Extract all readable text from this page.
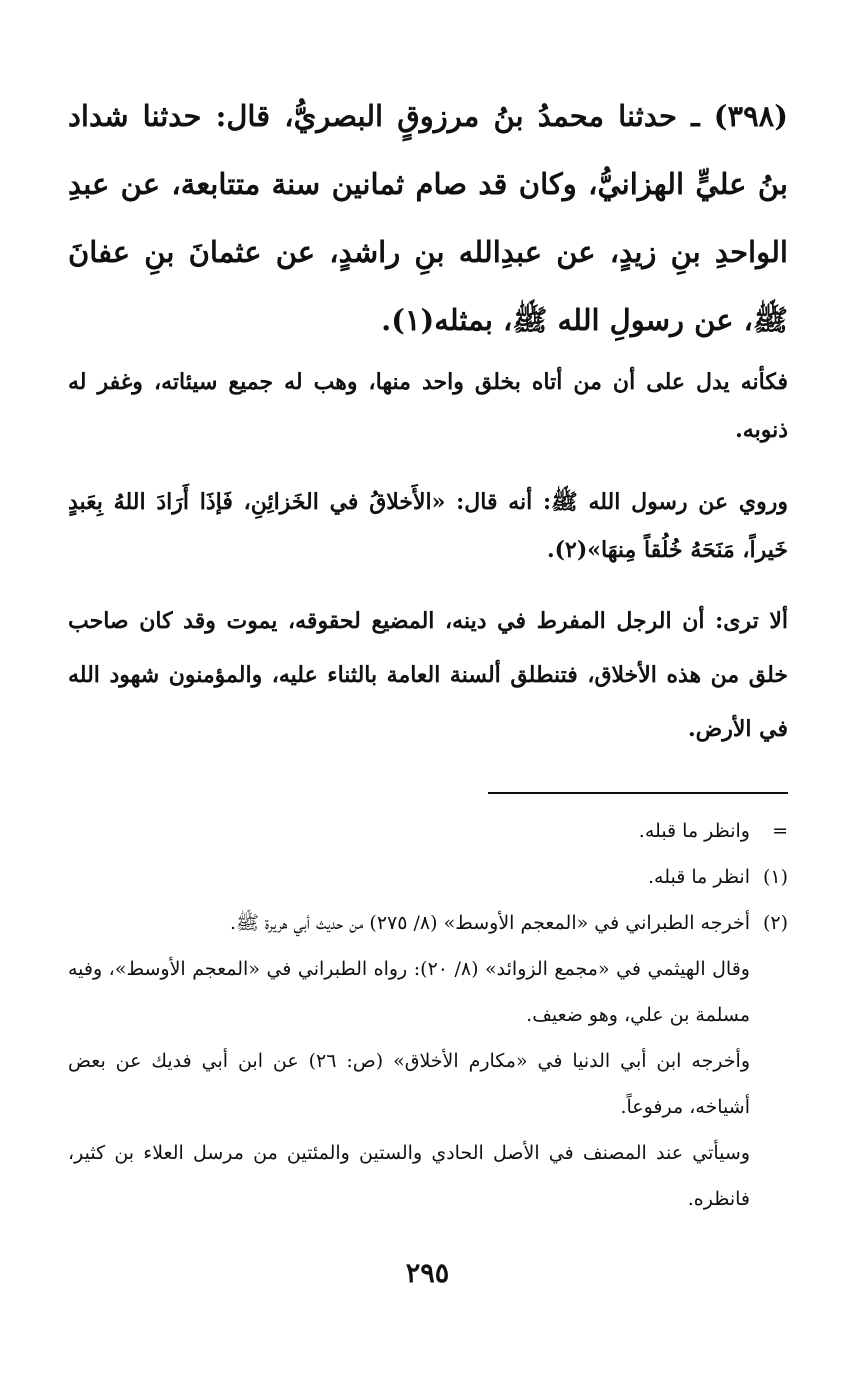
(٣٩٨) ـ حدثنا محمدُ بنُ مرزوقٍ البصريُّ، قال: حدثنا شداد بنُ عليٍّ الهزانيُّ، وكان قد صام ثمانين سنة متتابعة، عن عبدِ الواحدِ بنِ زيدٍ، عن عبدِالله بنِ راشدٍ، عن عثمانَ بنِ عفانَ ﷺ، عن رسولِ الله ﷺ، بمثله(١).
فكأنه يدل على أن من أتاه بخلق واحد منها، وهب له جميع سيئاته، وغفر له ذنوبه.
وروي عن رسول الله ﷺ: أنه قال: «الأَخلاقُ في الخَزائِنِ، فَإذَا أَرَادَ اللهُ بِعَبدٍ خَيراً، مَنَحَهُ خُلُقاً مِنهَا»(٢).
ألا ترى: أن الرجل المفرط في دينه، المضيع لحقوقه، يموت وقد كان صاحب خلق من هذه الأخلاق، فتنطلق ألسنة العامة بالثناء عليه، والمؤمنون شهود الله في الأرض.
=
وانظر ما قبله.
(١)
انظر ما قبله.
(٢)
أخرجه الطبراني في «المعجم الأوسط» (٨/ ٢٧٥) من حديث أبي هريرة ﷺ.
وقال الهيثمي في «مجمع الزوائد» (٨/ ٢٠): رواه الطبراني في «المعجم الأوسط»، وفيه مسلمة بن علي، وهو ضعيف.
وأخرجه ابن أبي الدنيا في «مكارم الأخلاق» (ص: ٢٦) عن ابن أبي فديك عن بعض أشياخه، مرفوعاً.
وسيأتي عند المصنف في الأصل الحادي والستين والمئتين من مرسل العلاء بن كثير، فانظره.
٢٩٥
